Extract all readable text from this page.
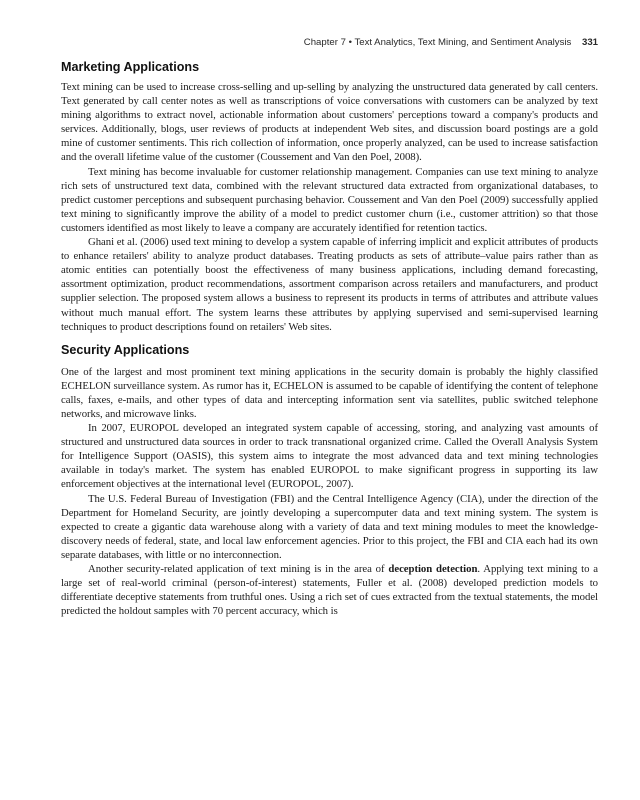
Chapter 7 • Text Analytics, Text Mining, and Sentiment Analysis 331
Marketing Applications

Text mining can be used to increase cross-selling and up-selling by analyzing the unstructured data generated by call centers. Text generated by call center notes as well as transcriptions of voice conversations with customers can be analyzed by text mining algorithms to extract novel, actionable information about customers' perceptions toward a company's products and services. Additionally, blogs, user reviews of products at independent Web sites, and discussion board postings are a gold mine of customer sentiments. This rich collection of information, once properly analyzed, can be used to increase satisfaction and the overall lifetime value of the customer (Coussement and Van den Poel, 2008).

Text mining has become invaluable for customer relationship management. Companies can use text mining to analyze rich sets of unstructured text data, combined with the relevant structured data extracted from organizational databases, to predict customer perceptions and subsequent purchasing behavior. Coussement and Van den Poel (2009) successfully applied text mining to significantly improve the ability of a model to predict customer churn (i.e., customer attrition) so that those customers identified as most likely to leave a company are accurately identified for retention tactics.

Ghani et al. (2006) used text mining to develop a system capable of inferring implicit and explicit attributes of products to enhance retailers' ability to analyze product databases. Treating products as sets of attribute–value pairs rather than as atomic entities can potentially boost the effectiveness of many business applications, including demand forecasting, assortment optimization, product recommendations, assortment comparison across retailers and manufacturers, and product supplier selection. The proposed system allows a business to represent its products in terms of attributes and attribute values without much manual effort. The system learns these attributes by applying supervised and semi-supervised learning techniques to product descriptions found on retailers' Web sites.

Security Applications

One of the largest and most prominent text mining applications in the security domain is probably the highly classified ECHELON surveillance system. As rumor has it, ECHELON is assumed to be capable of identifying the content of telephone calls, faxes, e-mails, and other types of data and intercepting information sent via satellites, public switched telephone networks, and microwave links.

In 2007, EUROPOL developed an integrated system capable of accessing, storing, and analyzing vast amounts of structured and unstructured data sources in order to track transnational organized crime. Called the Overall Analysis System for Intelligence Support (OASIS), this system aims to integrate the most advanced data and text mining technologies available in today's market. The system has enabled EUROPOL to make significant progress in supporting its law enforcement objectives at the international level (EUROPOL, 2007).

The U.S. Federal Bureau of Investigation (FBI) and the Central Intelligence Agency (CIA), under the direction of the Department for Homeland Security, are jointly developing a supercomputer data and text mining system. The system is expected to create a gigantic data warehouse along with a variety of data and text mining modules to meet the knowledge-discovery needs of federal, state, and local law enforcement agencies. Prior to this project, the FBI and CIA each had its own separate databases, with little or no interconnection.

Another security-related application of text mining is in the area of deception detection. Applying text mining to a large set of real-world criminal (person-of-interest) statements, Fuller et al. (2008) developed prediction models to differentiate deceptive statements from truthful ones. Using a rich set of cues extracted from the textual statements, the model predicted the holdout samples with 70 percent accuracy, which is
